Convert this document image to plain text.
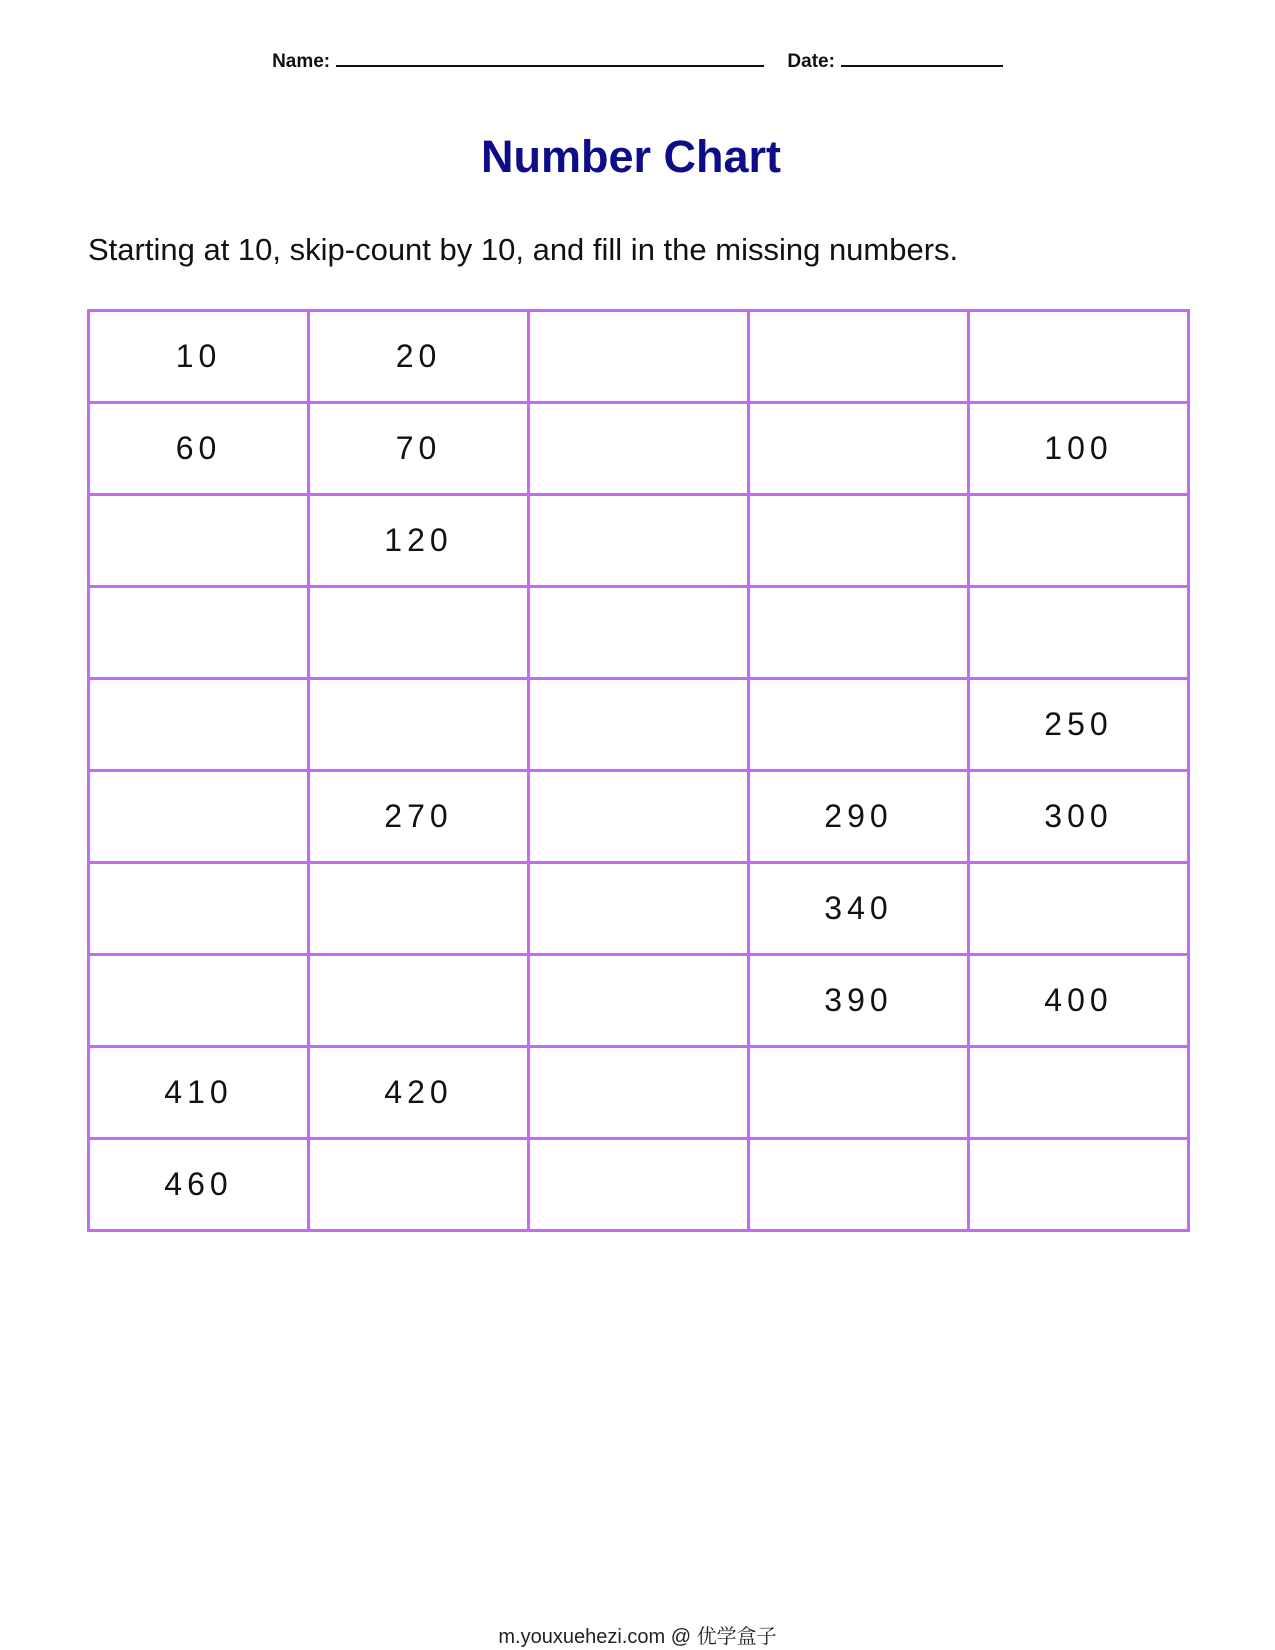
Name:	Date:
Number Chart

Starting at 10, skip-count by 10, and fill in the missing numbers.

10	20			
60	70			100
	120			

				250
	270		290	300
			340	
			390	400
410	420			
460				
m.youxuehezi.com @ 优学盒子
